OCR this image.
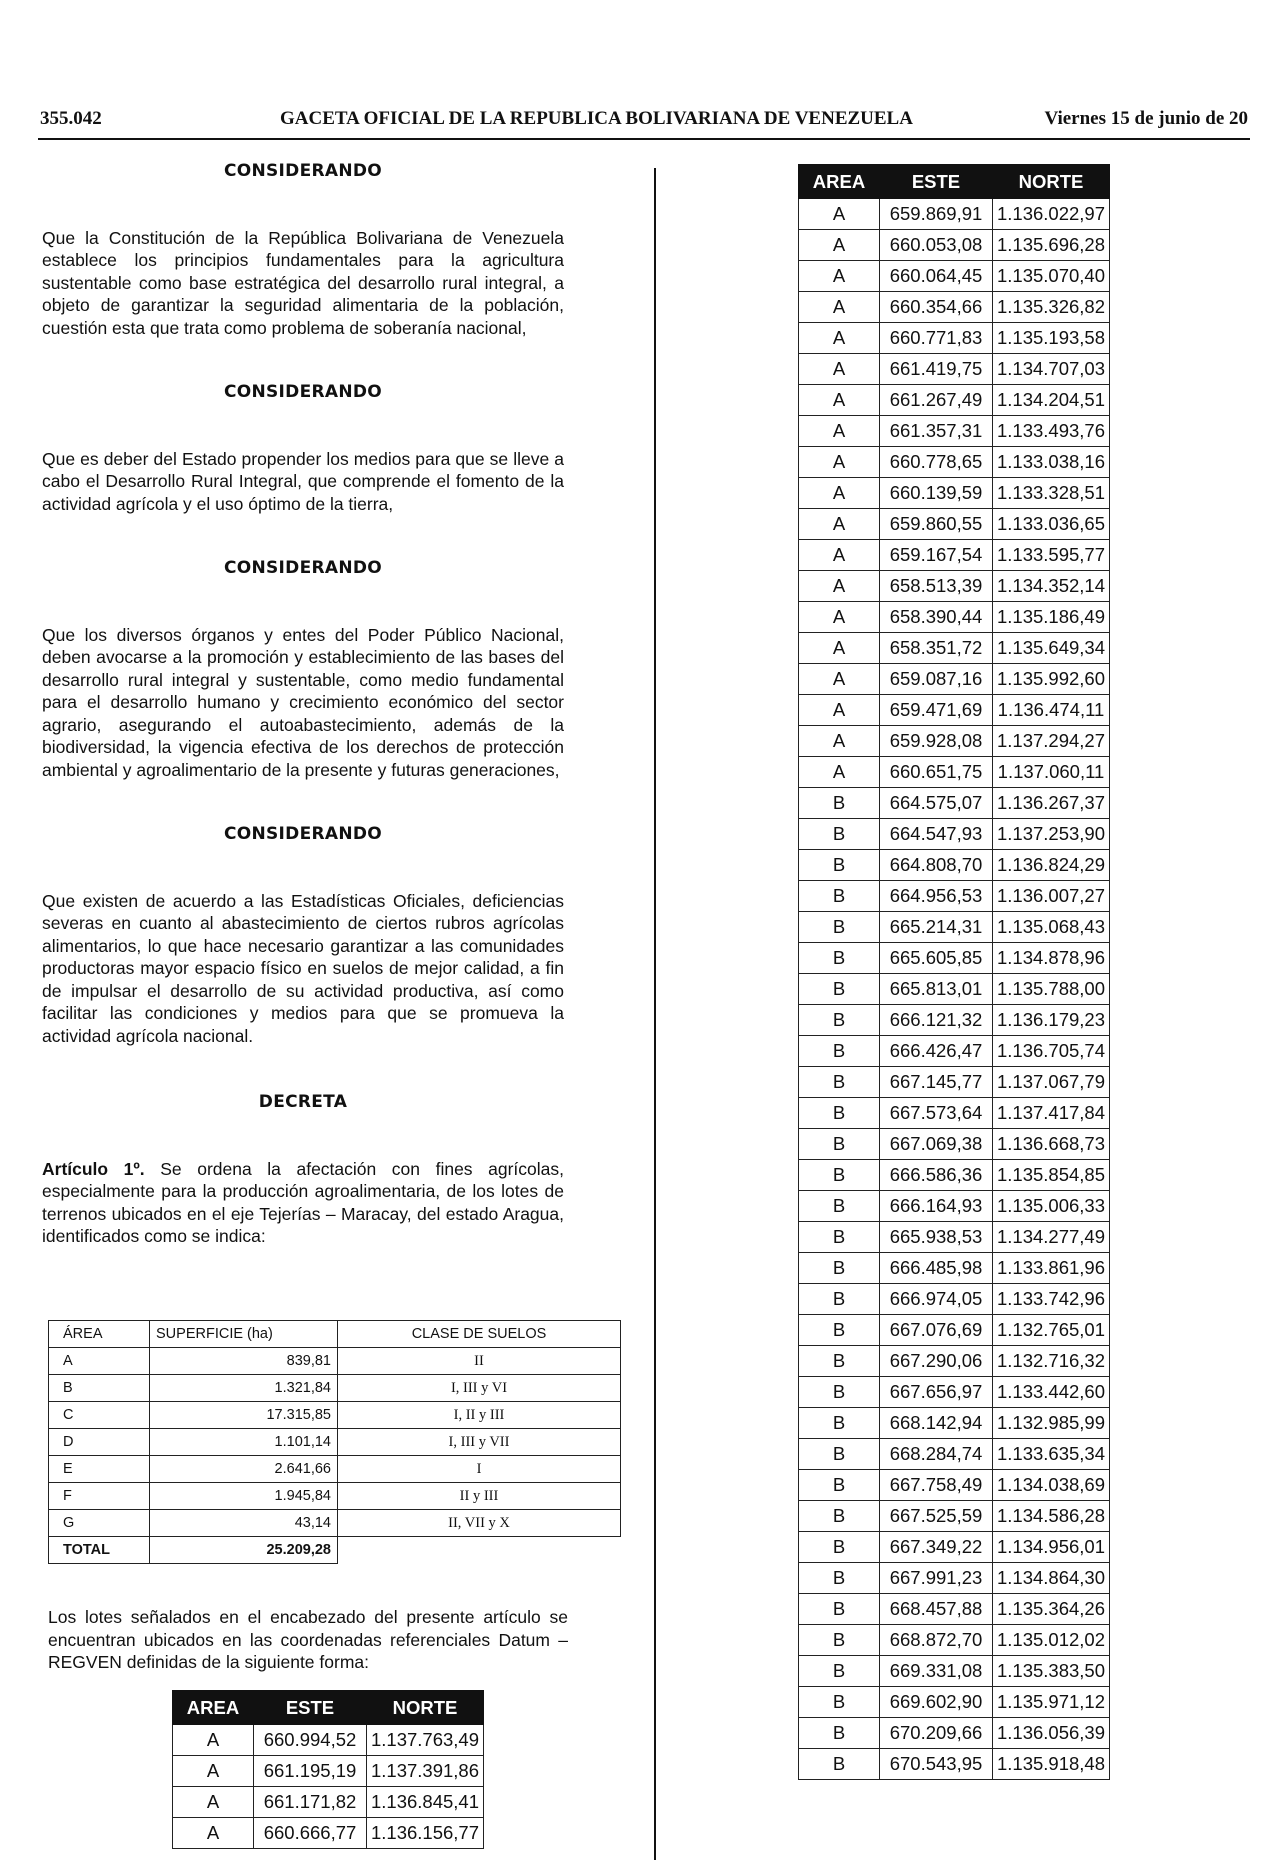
355.042	GACETA OFICIAL DE LA REPUBLICA BOLIVARIANA DE VENEZUELA	Viernes 15 de junio de 20
CONSIDERANDO

Que la Constitución de la República Bolivariana de Venezuela establece los principios fundamentales para la agricultura sustentable como base estratégica del desarrollo rural integral, a objeto de garantizar la seguridad alimentaria de la población, cuestión esta que trata como problema de soberanía nacional,

CONSIDERANDO

Que es deber del Estado propender los medios para que se lleve a cabo el Desarrollo Rural Integral, que comprende el fomento de la actividad agrícola y el uso óptimo de la tierra,

CONSIDERANDO

Que los diversos órganos y entes del Poder Público Nacional, deben avocarse a la promoción y establecimiento de las bases del desarrollo rural integral y sustentable, como medio fundamental para el desarrollo humano y crecimiento económico del sector agrario, asegurando el autoabastecimiento, además de la biodiversidad, la vigencia efectiva de los derechos de protección ambiental y agroalimentario de la presente y futuras generaciones,

CONSIDERANDO

Que existen de acuerdo a las Estadísticas Oficiales, deficiencias severas en cuanto al abastecimiento de ciertos rubros agrícolas alimentarios, lo que hace necesario garantizar a las comunidades productoras mayor espacio físico en suelos de mejor calidad, a fin de impulsar el desarrollo de su actividad productiva, así como facilitar las condiciones y medios para que se promueva la actividad agrícola nacional.

DECRETA

Artículo 1º. Se ordena la afectación con fines agrícolas, especialmente para la producción agroalimentaria, de los lotes de terrenos ubicados en el eje Tejerías – Maracay, del estado Aragua, identificados como se indica:

ÁREA	SUPERFICIE (ha)	CLASE DE SUELOS
A	839,81	II
B	1.321,84	I, III y VI
C	17.315,85	I, II y III
D	1.101,14	I, III y VII
E	2.641,66	I
F	1.945,84	II y III
G	43,14	II, VII y X
TOTAL	25.209,28	

Los lotes señalados en el encabezado del presente artículo se encuentran ubicados en las coordenadas referenciales Datum – REGVEN definidas de la siguiente forma:

AREA	ESTE	NORTE
A	660.994,52	1.137.763,49
A	661.195,19	1.137.391,86
A	661.171,82	1.136.845,41
A	660.666,77	1.136.156,77
AREA	ESTE	NORTE
A	659.869,91	1.136.022,97
A	660.053,08	1.135.696,28
A	660.064,45	1.135.070,40
A	660.354,66	1.135.326,82
A	660.771,83	1.135.193,58
A	661.419,75	1.134.707,03
A	661.267,49	1.134.204,51
A	661.357,31	1.133.493,76
A	660.778,65	1.133.038,16
A	660.139,59	1.133.328,51
A	659.860,55	1.133.036,65
A	659.167,54	1.133.595,77
A	658.513,39	1.134.352,14
A	658.390,44	1.135.186,49
A	658.351,72	1.135.649,34
A	659.087,16	1.135.992,60
A	659.471,69	1.136.474,11
A	659.928,08	1.137.294,27
A	660.651,75	1.137.060,11
B	664.575,07	1.136.267,37
B	664.547,93	1.137.253,90
B	664.808,70	1.136.824,29
B	664.956,53	1.136.007,27
B	665.214,31	1.135.068,43
B	665.605,85	1.134.878,96
B	665.813,01	1.135.788,00
B	666.121,32	1.136.179,23
B	666.426,47	1.136.705,74
B	667.145,77	1.137.067,79
B	667.573,64	1.137.417,84
B	667.069,38	1.136.668,73
B	666.586,36	1.135.854,85
B	666.164,93	1.135.006,33
B	665.938,53	1.134.277,49
B	666.485,98	1.133.861,96
B	666.974,05	1.133.742,96
B	667.076,69	1.132.765,01
B	667.290,06	1.132.716,32
B	667.656,97	1.133.442,60
B	668.142,94	1.132.985,99
B	668.284,74	1.133.635,34
B	667.758,49	1.134.038,69
B	667.525,59	1.134.586,28
B	667.349,22	1.134.956,01
B	667.991,23	1.134.864,30
B	668.457,88	1.135.364,26
B	668.872,70	1.135.012,02
B	669.331,08	1.135.383,50
B	669.602,90	1.135.971,12
B	670.209,66	1.136.056,39
B	670.543,95	1.135.918,48
